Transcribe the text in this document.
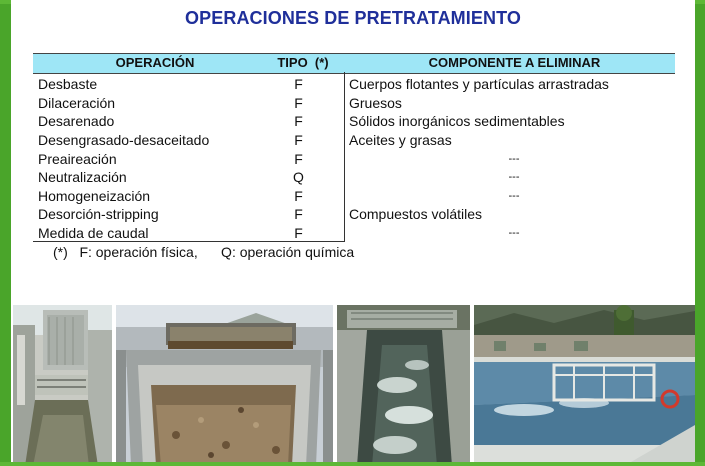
OPERACIONES DE PRETRATAMIENTO
OPERACIÓN	TIPO  (*)	COMPONENTE A ELIMINAR
Desbaste	F	Cuerpos flotantes y partículas arrastradas
Dilaceración	F	Gruesos
Desarenado	F	Sólidos inorgánicos sedimentables
Desengrasado-desaceitado	F	Aceites y grasas
Preaireación	F	---
Neutralización	Q	---
Homogeneización	F	---
Desorción-stripping	F	Compuestos volátiles
Medida de caudal	F	---
(*)   F: operación física,      Q: operación química
